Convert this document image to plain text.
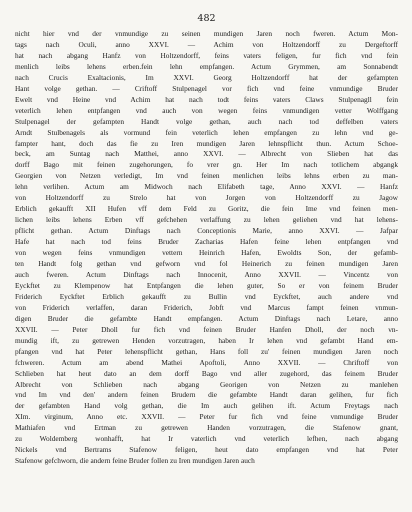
482
nicht hier vnd der vnmundige zu seinen mundigen Jaren noch fweren. Actum Mon-
tags nach Oculi, anno XXVI. — Achim von Holtzendorff zu Dergeftorff
hat nach abgang Hanfz von Holtzendorff, feins vaters feligen, fur fich vnd fein
menlich leibs lehens erben.fein lehn empfangen. Actum Grymmen, am Sonnabendt
nach Crucis Exaltacionis, Im XXVI. Georg Holtzendorff hat der gefampten
Hant volge gethan. — Criftoff Stulpenagel vor fich vnd feine vnmundige Bruder
Ewelt vnd Heine vnd Achim hat nach todt feins vaters Claws Stulpenagll fein
veterlich lehen entpfangen vnd auch von wegen feins vnmundigen vetter Wolffgang
Stulpenagel der gefampten Handt volge gethan, auch nach tod deffelben vaters
Arndt Stulbenagels als vormund fein veterlich lehen empfangen zu lehn vnd ge-
fampter hant, doch das fie zu Iren mundigen Jaren lehnspflicht thun. Actum Schoe-
beck, am Suntag nach Matthei, anno XXVI. — Albrecht von Slieben hat das
dorff Bago mit feinen zugehorungen, fo vrer gn. Her Im nach totlichem abgangk
Georgien von Netzen verledigt, Im vnd feinen menlichen leibs lehns erben zu man-
lehn verlihen. Actum am Midwoch nach Elifabeth tage, Anno XXVI. — Hanfz
von Holtzendorff zu Strelo hat von Jorgen von Holtzendorff zu Jagow
Erblich gekaufft XII Hufen vff dem Feld zu Goritz, die fein Ime vnd feinen men-
lichen leibs lehens Erben vff gefchehen verlaffung zu lehen geliehen vnd hat lehens-
pflicht gethan. Actum Dinftags nach Conceptionis Marie, anno XXVI. — Jafpar
Hafe hat nach tod feins Bruder Zacharias Hafen feine lehen entpfangen vnd
von wegen feins vnmundigen vettern Heinrich Hafen, Ewoldts Son, der gefamb-
ten Handt folg gethan vnd gefworn vnd fol Heinerich zu feinen mundigen Jaren
auch fweren. Actum Dinftags nach Innocenit, Anno XXVII. — Vincentz von
Eyckftet zu Klempenow hat Entpfangen die lehen guter, So er von feinem Bruder
Friderich Eyckftet Erblich gekaufft zu Bullin vnd Eyckftet, auch andere vnd
von Friderich verlaffen, daran Friderich, Jobft vnd Marcus fampt feinen vnmun-
digen Bruder die gefambte Handt empfangen. Actum Dinftags nach Letare, anno
XXVII. — Peter Dholl fur fich vnd feinen Bruder Hanfen Dholl, der noch vn-
mundig ift, zu getrewen Henden vorzutragen, haben Ir lehen vnd gefambt Hand em-
pfangen vnd hat Peter lehenspflicht gethan, Hans foll zu' feinen mundigen Jaren noch
fchweren. Actum am abend Mathei Apoftoli, Anno XXVII. — Chriftoff von
Schlieben hat heut dato an dem dorff Bago vnd aller zugehord, das feinem Bruder
Albrecht von Schlieben nach abgang Georigen von Netzen zu manlehen
vnd Im vnd den' andern feinen Brudern die gefambte Handt daran gelihen, fur fich
der gefambten Hand volg gethan, die Im auch gelihen ift. Actum Freytags nach
XIm. virginum, Anno etc. XXVII. — Peter fur fich vnd feine vnmundige Bruder
Mathiafen vnd Ertman zu getrewen Handen vorzutragen, die Stafenow gnant,
zu Woldemberg wonhafft, hat Ir vaterlich vnd veterlich lefhen, nach abgang
Nickels vnd Bertrams Stafenow feligen, heut dato empfangen vnd hat Peter
Stafenow gefchworn, die andern feine Bruder follen zu Iren mundigen Jaren auch
